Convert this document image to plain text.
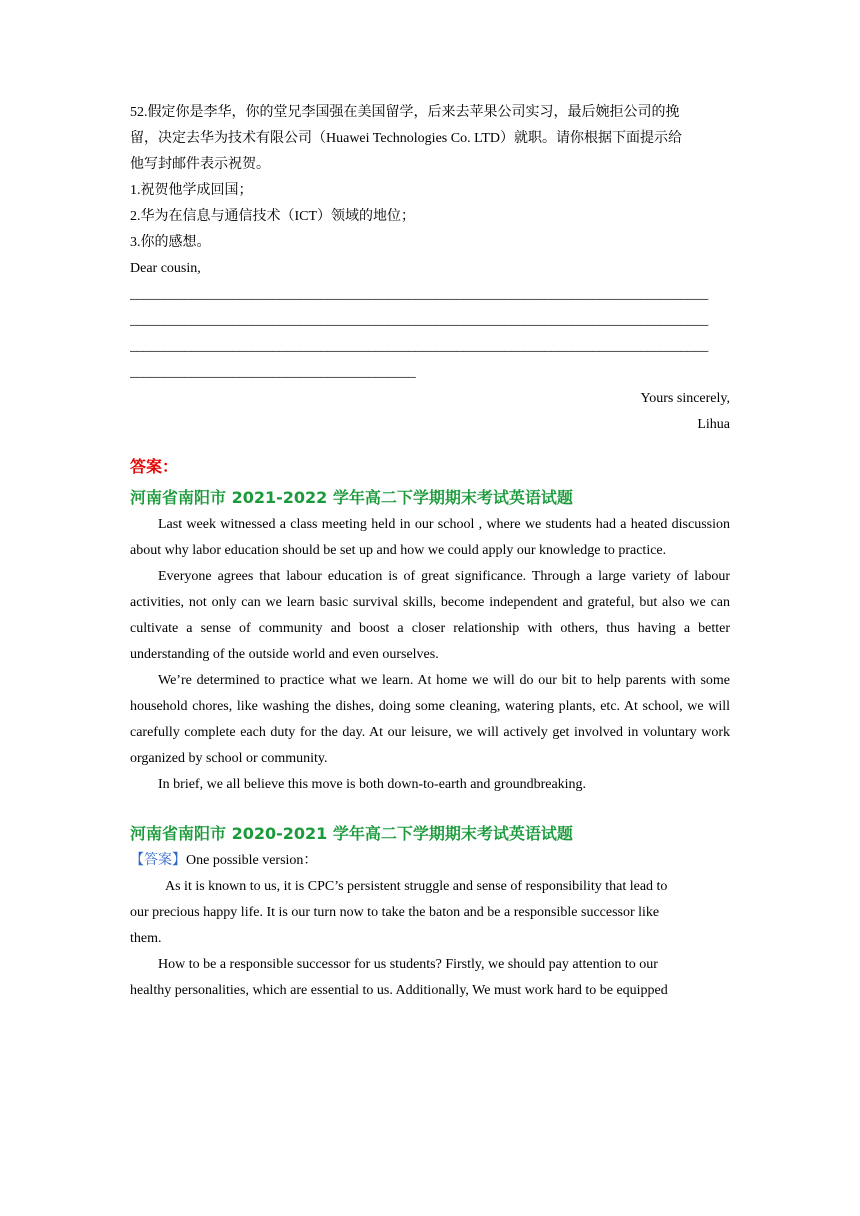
52.假定你是李华，你的堂兄李国强在美国留学，后来去苹果公司实习，最后婉拒公司的挽
留，决定去华为技术有限公司（Huawei Technologies Co. LTD）就职。请你根据下面提示给
他写封邮件表示祝贺。
1.祝贺他学成回国；
2.华为在信息与通信技术（ICT）领域的地位；
3.你的感想。
Dear cousin,
_____________________________________________________________________________________
_____________________________________________________________________________________
_____________________________________________________________________________________
__________________________________________
Yours sincerely,
Lihua
答案：
河南省南阳市 2021-2022 学年高二下学期期末考试英语试题
Last week witnessed a class meeting held in our school , where we students had a heated discussion about why labor education should be set up and how we could apply our knowledge to practice.
Everyone agrees that labour education is of great significance. Through a large variety of labour activities, not only can we learn basic survival skills, become independent and grateful, but also we can cultivate a sense of community and boost a closer relationship with others, thus having a better understanding of the outside world and even ourselves.
We’re determined to practice what we learn. At home we will do our bit to help parents with some household chores, like washing the dishes, doing some cleaning, watering plants, etc. At school, we will carefully complete each duty for the day. At our leisure, we will actively get involved in voluntary work organized by school or community.
In brief, we all believe this move is both down-to-earth and groundbreaking.
河南省南阳市 2020-2021 学年高二下学期期末考试英语试题
【答案】One possible version：
As it is known to us, it is CPC’s persistent struggle and sense of responsibility that lead to
our precious happy life. It is our turn now to take the baton and be a responsible successor like
them.
How to be a responsible successor for us students? Firstly, we should pay attention to our
healthy personalities, which are essential to us. Additionally, We must work hard to be equipped
